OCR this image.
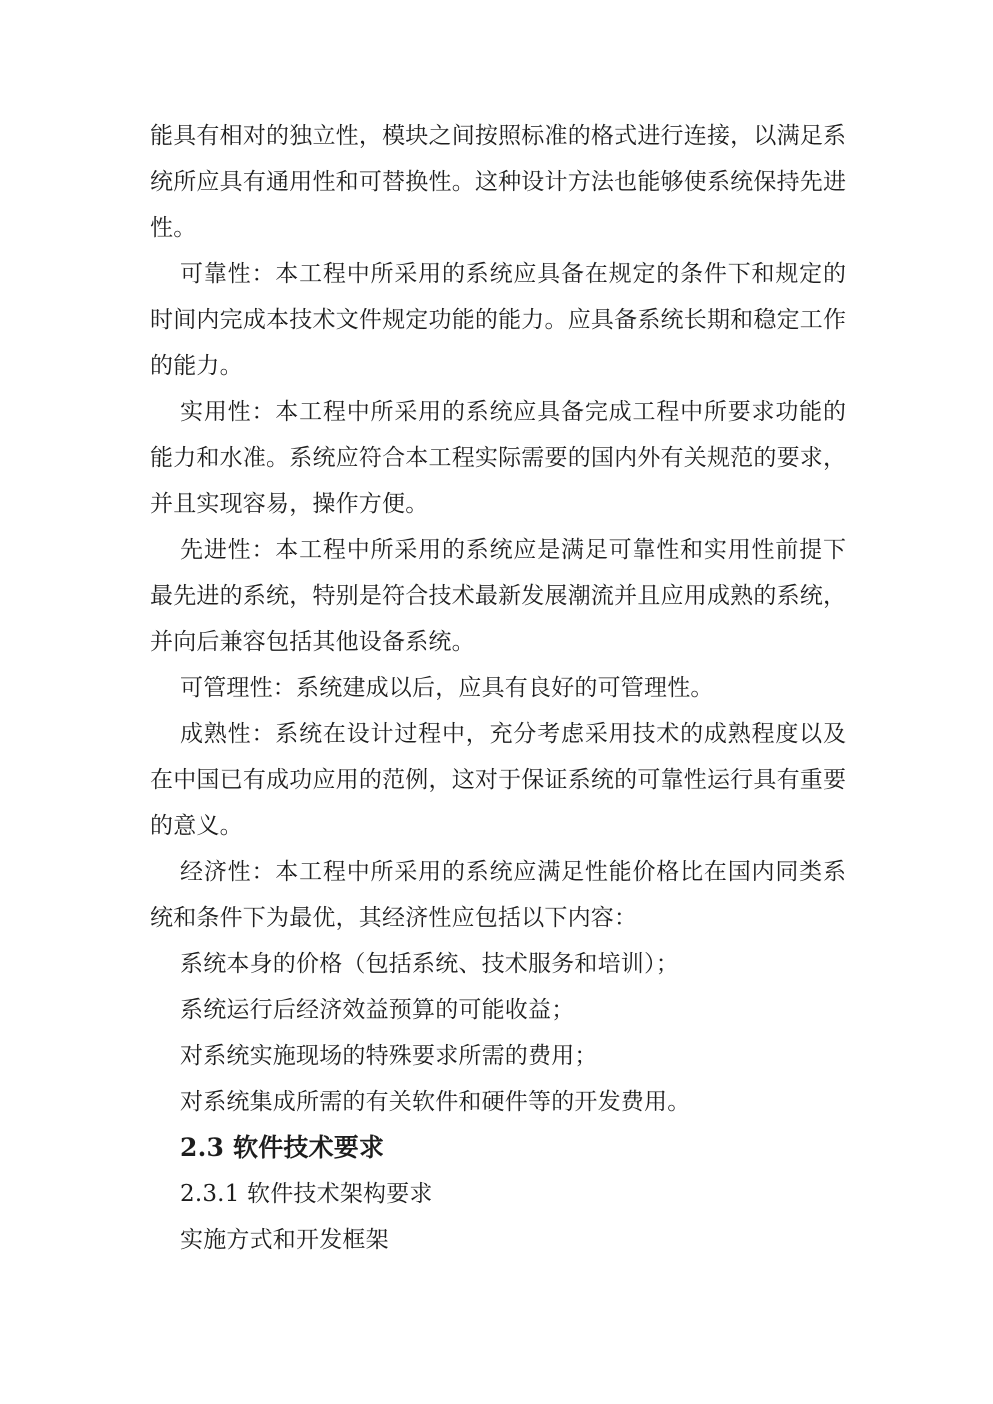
能具有相对的独立性，模块之间按照标准的格式进行连接，以满足系
统所应具有通用性和可替换性。这种设计方法也能够使系统保持先进
性。
可靠性：本工程中所采用的系统应具备在规定的条件下和规定的
时间内完成本技术文件规定功能的能力。应具备系统长期和稳定工作
的能力。
实用性：本工程中所采用的系统应具备完成工程中所要求功能的
能力和水准。系统应符合本工程实际需要的国内外有关规范的要求，
并且实现容易，操作方便。
先进性：本工程中所采用的系统应是满足可靠性和实用性前提下
最先进的系统，特别是符合技术最新发展潮流并且应用成熟的系统，
并向后兼容包括其他设备系统。
可管理性：系统建成以后，应具有良好的可管理性。
成熟性：系统在设计过程中，充分考虑采用技术的成熟程度以及
在中国已有成功应用的范例，这对于保证系统的可靠性运行具有重要
的意义。
经济性：本工程中所采用的系统应满足性能价格比在国内同类系
统和条件下为最优，其经济性应包括以下内容：
系统本身的价格（包括系统、技术服务和培训）；
系统运行后经济效益预算的可能收益；
对系统实施现场的特殊要求所需的费用；
对系统集成所需的有关软件和硬件等的开发费用。
2.3 软件技术要求
2.3.1 软件技术架构要求
实施方式和开发框架
